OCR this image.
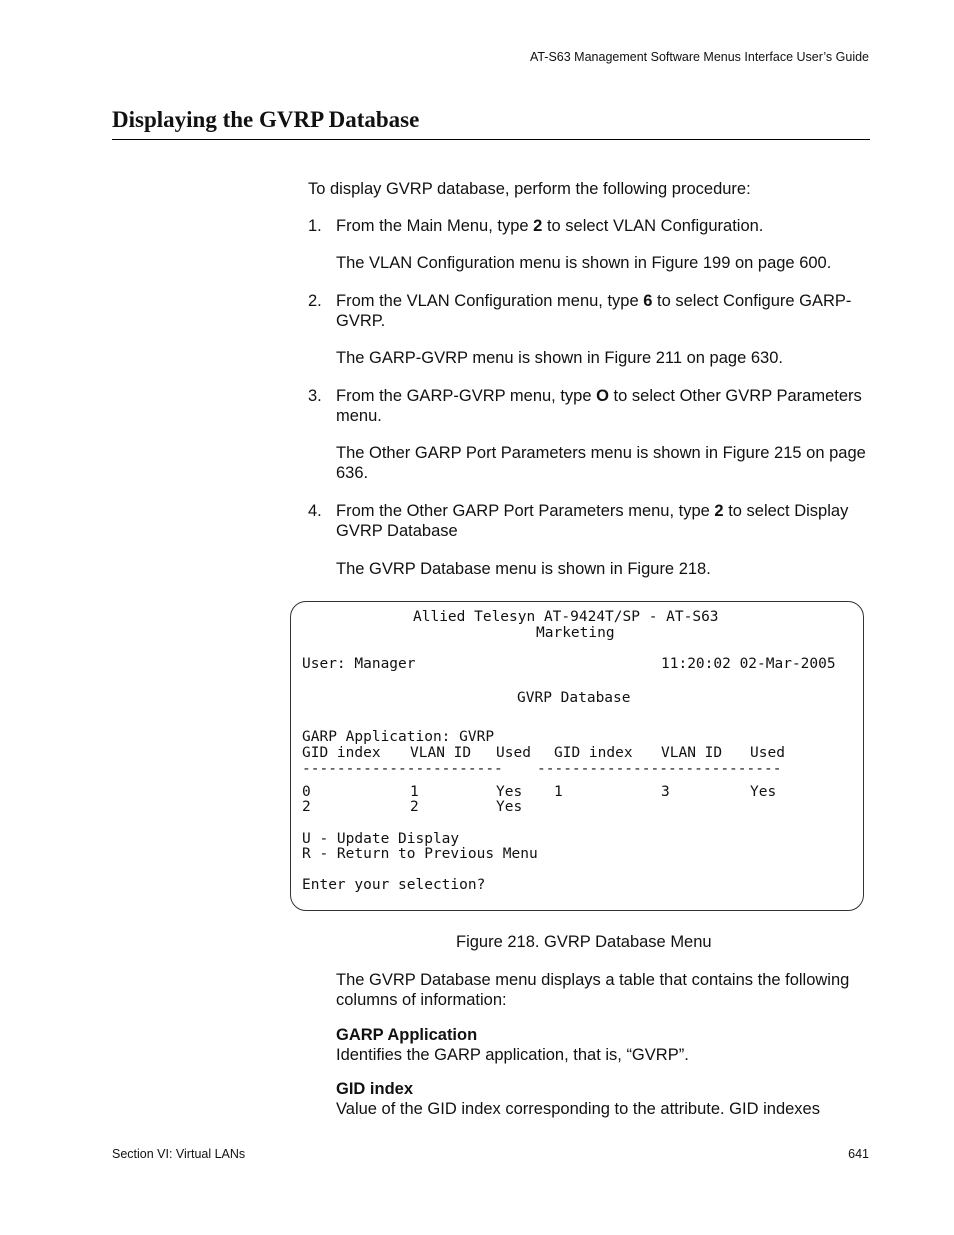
AT-S63 Management Software Menus Interface User’s Guide
Displaying the GVRP Database
To display GVRP database, perform the following procedure:
1. From the Main Menu, type 2 to select VLAN Configuration.
The VLAN Configuration menu is shown in Figure 199 on page 600.
2. From the VLAN Configuration menu, type 6 to select Configure GARP-GVRP.
The GARP-GVRP menu is shown in Figure 211 on page 630.
3. From the GARP-GVRP menu, type O to select Other GVRP Parameters menu.
The Other GARP Port Parameters menu is shown in Figure 215 on page 636.
4. From the Other GARP Port Parameters menu, type 2 to select Display GVRP Database
The GVRP Database menu is shown in Figure 218.
Allied Telesyn AT-9424T/SP - AT-S63
Marketing
User: Manager	11:20:02 02-Mar-2005
GVRP Database
GARP Application: GVRP
GID index VLAN ID Used GID index VLAN ID Used
----------------------- ----------------------------
0	1	Yes 1	3	Yes
2	2	Yes
U - Update Display
R - Return to Previous Menu
Enter your selection?
Figure 218. GVRP Database Menu
The GVRP Database menu displays a table that contains the following columns of information:
GARP Application
Identifies the GARP application, that is, “GVRP”.
GID index
Value of the GID index corresponding to the attribute. GID indexes
Section VI: Virtual LANs	641
